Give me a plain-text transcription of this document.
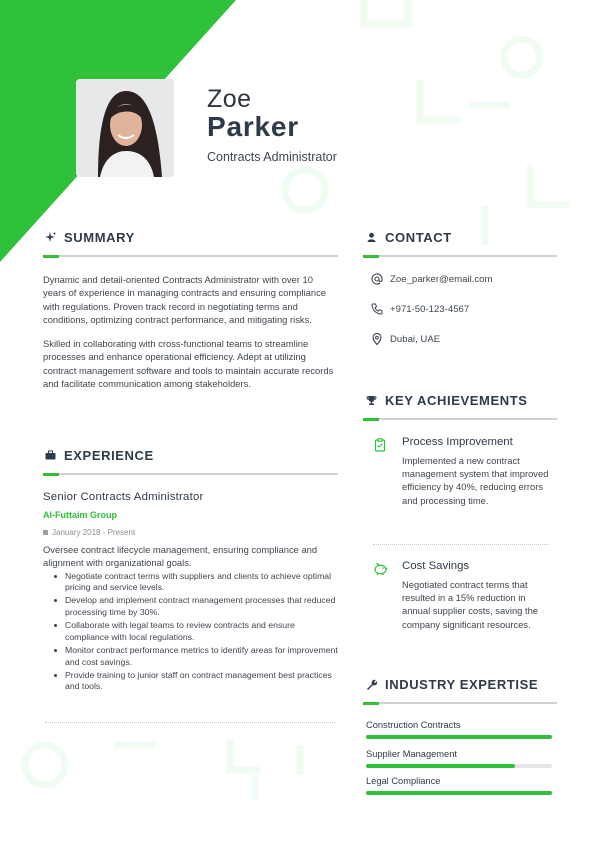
Zoe
Parker
Contracts Administrator
SUMMARY

Dynamic and detail-oriented Contracts Administrator with over 10 years of experience in managing contracts and ensuring compliance with regulations. Proven track record in negotiating terms and conditions, optimizing contract performance, and mitigating risks.

Skilled in collaborating with cross-functional teams to streamline processes and enhance operational efficiency. Adept at utilizing contract management software and tools to maintain accurate records and facilitate communication among stakeholders.

EXPERIENCE
Senior Contracts Administrator
Al-Futtaim Group
January 2018 - Present
Oversee contract lifecycle management, ensuring compliance and alignment with organizational goals.
Negotiate contract terms with suppliers and clients to achieve optimal pricing and service levels.
Develop and implement contract management processes that reduced processing time by 30%.
Collaborate with legal teams to review contracts and ensure compliance with local regulations.
Monitor contract performance metrics to identify areas for improvement and cost savings.
Provide training to junior staff on contract management best practices and tools.
CONTACT
Zoe_parker@email.com
+971-50-123-4567
Dubai, UAE
KEY ACHIEVEMENTS
Process Improvement
Implemented a new contract management system that improved efficiency by 40%, reducing errors and processing time.
Cost Savings
Negotiated contract terms that resulted in a 15% reduction in annual supplier costs, saving the company significant resources.
INDUSTRY EXPERTISE
Construction Contracts
Supplier Management
Legal Compliance
